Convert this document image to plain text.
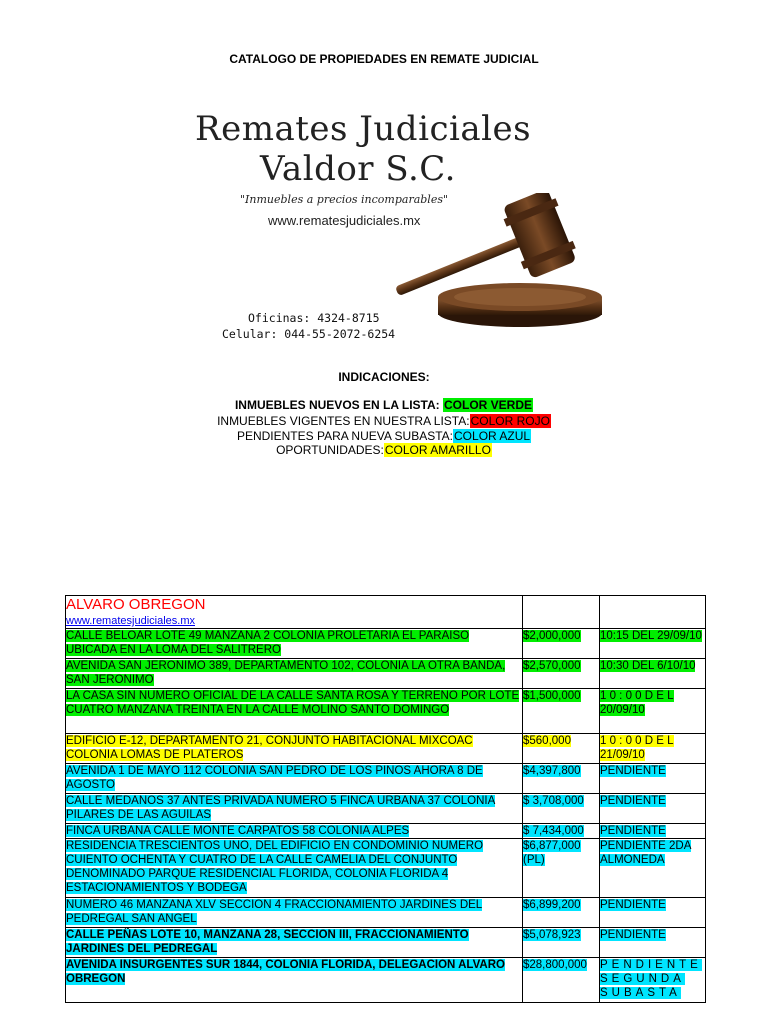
CATALOGO DE PROPIEDADES EN REMATE JUDICIAL
Remates Judiciales
Valdor S.C.
"Inmuebles a precios incomparables"
www.rematesjudiciales.mx
Oficinas: 4324-8715
Celular: 044-55-2072-6254
INDICACIONES:
INMUEBLES NUEVOS EN LA LISTA: COLOR VERDE
INMUEBLES VIGENTES EN NUESTRA LISTA:COLOR ROJO
PENDIENTES PARA NUEVA SUBASTA:COLOR AZUL
OPORTUNIDADES:COLOR AMARILLO
ALVARO OBREGON
www.rematesjudiciales.mx		

CALLE BELOAR LOTE 49 MANZANA 2 COLONIA PROLETARIA EL PARAISO UBICADA EN LA LOMA DEL SALITRERO	$2,000,000	10:15 DEL 29/09/10
AVENIDA SAN JERONIMO 389, DEPARTAMENTO 102, COLONIA LA OTRA BANDA, SAN JERONIMO	$2,570,000	10:30 DEL 6/10/10
LA CASA SIN NUMERO OFICIAL DE LA CALLE SANTA ROSA Y TERRENO POR LOTE CUATRO MANZANA TREINTA EN LA CALLE MOLINO SANTO DOMINGO	$1,500,000	1 0 : 0 0 D E L 20/09/10
EDIFICIO E-12, DEPARTAMENTO 21, CONJUNTO HABITACIONAL MIXCOAC COLONIA LOMAS DE PLATEROS	$560,000	1 0 : 0 0 D E L 21/09/10
AVENIDA 1 DE MAYO 112 COLONIA SAN PEDRO DE LOS PINOS AHORA 8 DE AGOSTO	$4,397,800	PENDIENTE
CALLE MEDANOS 37 ANTES PRIVADA NUMERO 5 FINCA URBANA 37 COLONIA PILARES DE LAS AGUILAS	$ 3,708,000	PENDIENTE
FINCA URBANA CALLE MONTE CARPATOS 58 COLONIA ALPES	$ 7,434,000	PENDIENTE
RESIDENCIA TRESCIENTOS UNO, DEL EDIFICIO EN CONDOMINIO NUMERO CUIENTO OCHENTA Y CUATRO DE LA CALLE CAMELIA DEL CONJUNTO DENOMINADO PARQUE RESIDENCIAL FLORIDA, COLONIA FLORIDA 4 ESTACIONAMIENTOS Y BODEGA	$6,877,000 (PL)	PENDIENTE 2DA ALMONEDA
NUMERO 46 MANZANA XLV SECCION 4 FRACCIONAMIENTO JARDINES DEL PEDREGAL SAN ANGEL	$6,899,200	PENDIENTE
CALLE PEÑAS LOTE 10, MANZANA 28, SECCION III, FRACCIONAMIENTO JARDINES DEL PEDREGAL	$5,078,923	PENDIENTE
AVENIDA INSURGENTES SUR 1844, COLONIA FLORIDA, DELEGACION ALVARO OBREGON	$28,800,000	PENDIENTE SEGUNDA SUBASTA
